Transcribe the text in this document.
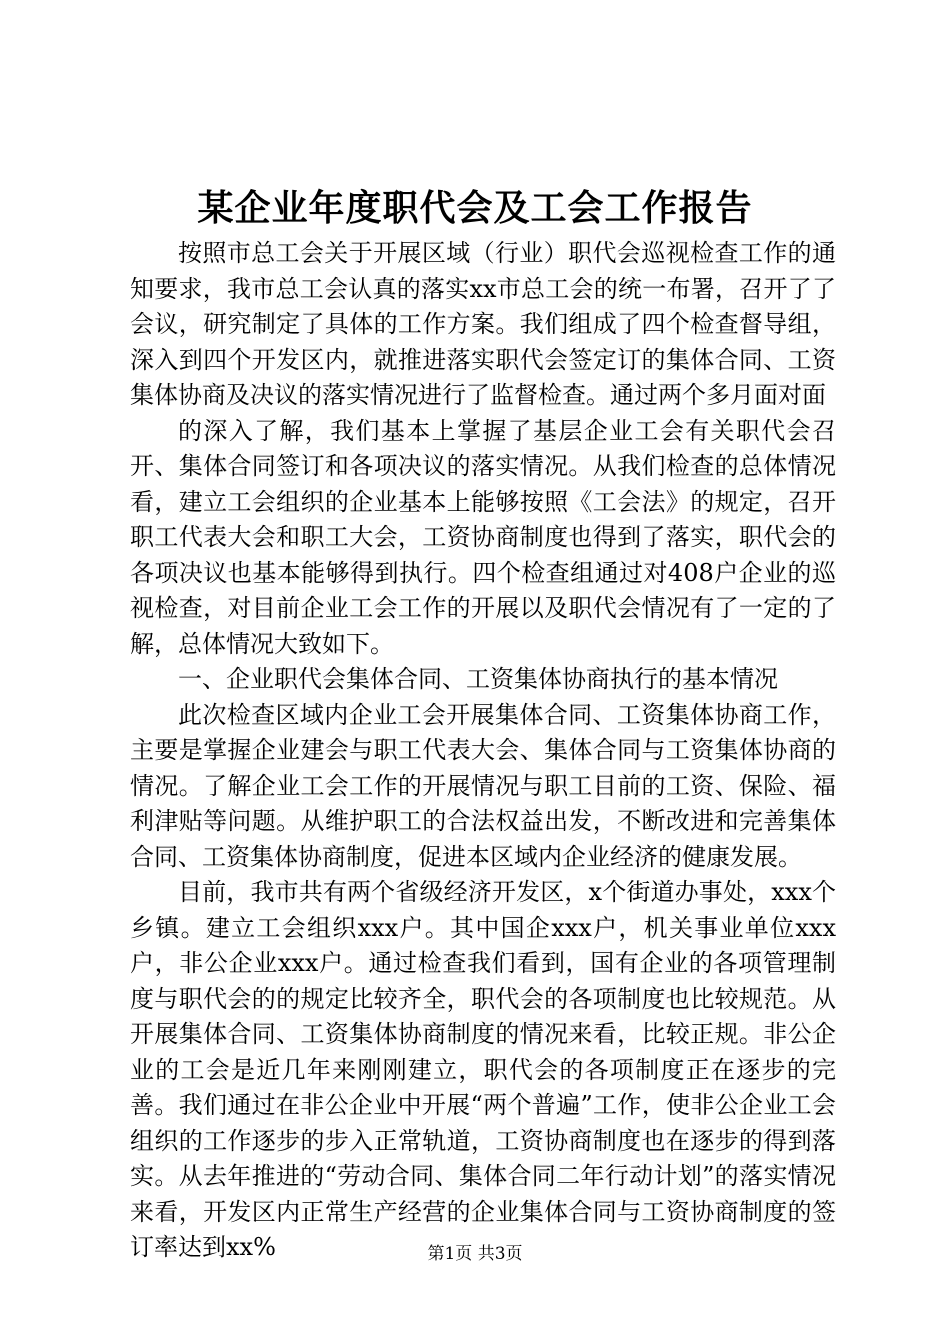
某企业年度职代会及工会工作报告

按照市总工会关于开展区域（行业）职代会巡视检查工作的通知要求，我市总工会认真的落实xx市总工会的统一布署，召开了了会议，研究制定了具体的工作方案。我们组成了四个检查督导组，深入到四个开发区内，就推进落实职代会签定订的集体合同、工资集体协商及决议的落实情况进行了监督检查。通过两个多月面对面

的深入了解，我们基本上掌握了基层企业工会有关职代会召开、集体合同签订和各项决议的落实情况。从我们检查的总体情况看，建立工会组织的企业基本上能够按照《工会法》的规定，召开职工代表大会和职工大会，工资协商制度也得到了落实，职代会的各项决议也基本能够得到执行。四个检查组通过对408户企业的巡视检查，对目前企业工会工作的开展以及职代会情况有了一定的了解，总体情况大致如下。

一、企业职代会集体合同、工资集体协商执行的基本情况

此次检查区域内企业工会开展集体合同、工资集体协商工作，主要是掌握企业建会与职工代表大会、集体合同与工资集体协商的情况。了解企业工会工作的开展情况与职工目前的工资、保险、福利津贴等问题。从维护职工的合法权益出发，不断改进和完善集体合同、工资集体协商制度，促进本区域内企业经济的健康发展。

目前，我市共有两个省级经济开发区，x个街道办事处，xxx个乡镇。建立工会组织xxx户。其中国企xxx户，机关事业单位xxx户，非公企业xxx户。通过检查我们看到，国有企业的各项管理制度与职代会的的规定比较齐全，职代会的各项制度也比较规范。从开展集体合同、工资集体协商制度的情况来看，比较正规。非公企业的工会是近几年来刚刚建立，职代会的各项制度正在逐步的完善。我们通过在非公企业中开展“两个普遍”工作，使非公企业工会组织的工作逐步的步入正常轨道，工资协商制度也在逐步的得到落实。从去年推进的“劳动合同、集体合同二年行动计划”的落实情况来看，开发区内正常生产经营的企业集体合同与工资协商制度的签订率达到xx%	第1页 共3页
